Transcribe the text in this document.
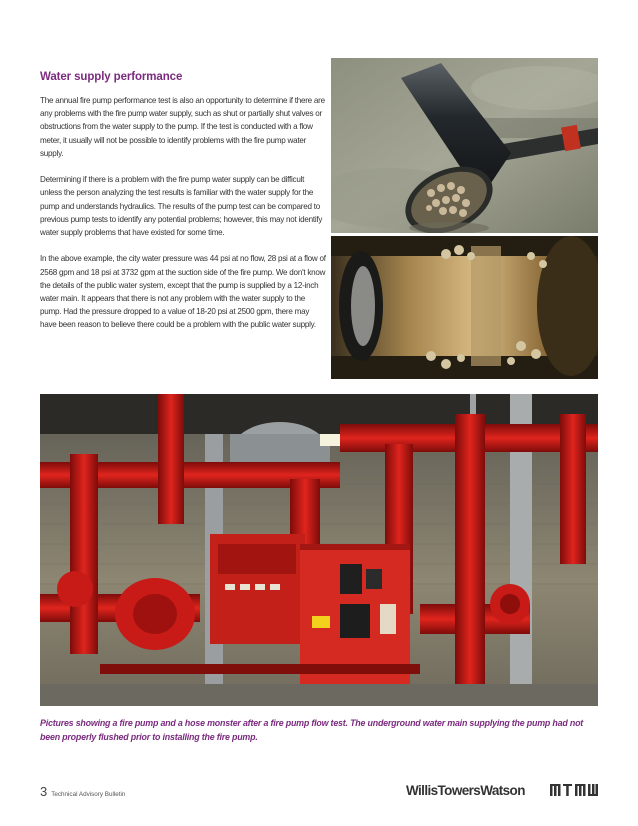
Water supply performance

The annual fire pump performance test is also an opportunity to determine if there are any problems with the fire pump water supply, such as shut or partially shut valves or obstructions from the water supply to the pump. If the test is conducted with a flow meter, it usually will not be possible to identify problems with the fire pump water supply.

Determining if there is a problem with the fire pump water supply can be difficult unless the person analyzing the test results is familiar with the water supply for the pump and understands hydraulics. The results of the pump test can be compared to previous pump tests to identify any potential problems; however, this may not identify water supply problems that have existed for some time.

In the above example, the city water pressure was 44 psi at no flow, 28 psi at a flow of 2568 gpm and 18 psi at 3732 gpm at the suction side of the fire pump. We don't know the details of the public water system, except that the pump is supplied by a 12-inch water main. It appears that there is not any problem with the water supply to the pump. Had the pressure dropped to a value of 18-20 psi at 2500 gpm, there may have been reason to believe there could be a problem with the public water supply.

Pictures showing a fire pump and a hose monster after a fire pump flow test. The underground water main supplying the pump had not been properly flushed prior to installing the fire pump.
3 Technical Advisory Bulletin	WillisTowersWatson
